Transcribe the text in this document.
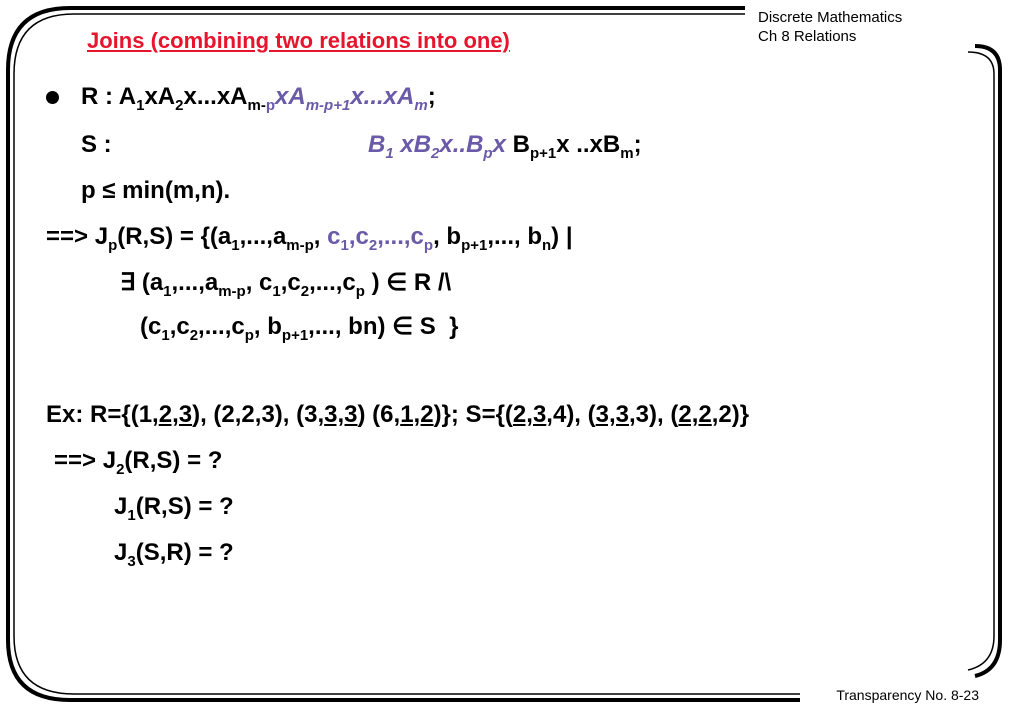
Discrete Mathematics
Ch 8 Relations
Joins (combining two relations into one)
R : $A_1xA_2x...xA_{m-p}xA_{m-p+1}x...xA_m$;
S :	$B_1$ $xB_2x..B_px$ $B_{p+1}x$ $..xB_m$;
p ≤ min(m,n).
==> $J_p(R,S) = \{(a_1,...,a_{m-p}$, $c_1,c_2,...,c_p$, $b_{p+1}$,..., $b_n$) |
∃ ($a_1,...,a_{m-p}$, $c_1,c_2,...,c_p$ ) ∈ R /\
($c_1,c_2,...,c_p$, $b_{p+1}$,..., bn) ∈ S  }
Ex: R={(1,2,3), (2,2,3), (3,3,3) (6,1,2)}; S={(2,3,4), (3,3,3), (2,2,2)}
==> $J_2(R,S)$ = ?
$J_1(R,S)$ = ?
$J_3(S,R)$ = ?
Transparency No. 8-23
